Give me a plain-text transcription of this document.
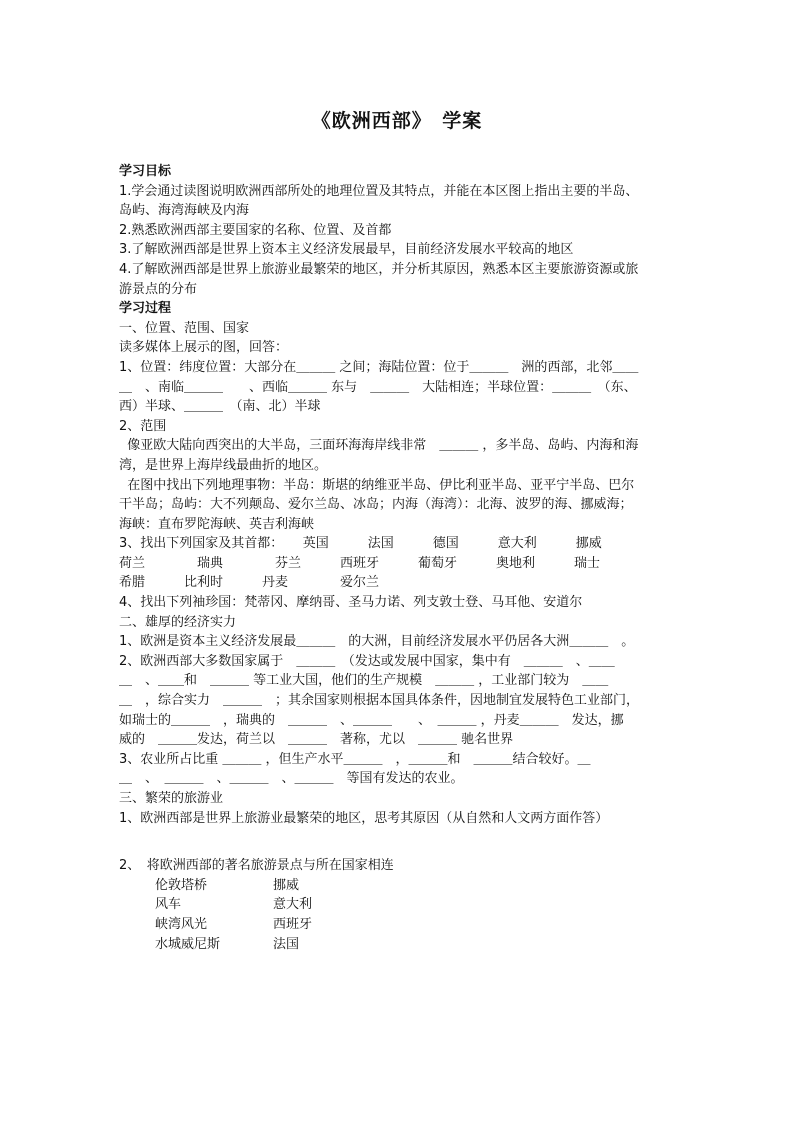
《欧洲西部》　学案

学习目标

1.学会通过读图说明欧洲西部所处的地理位置及其特点，并能在本区图上指出主要的半岛、

岛屿、海湾海峡及内海

2.熟悉欧洲西部主要国家的名称、位置、及首都

3.了解欧洲西部是世界上资本主义经济发展最早，目前经济发展水平较高的地区

4.了解欧洲西部是世界上旅游业最繁荣的地区，并分析其原因，熟悉本区主要旅游资源或旅

游景点的分布

学习过程

一、位置、范围、国家

读多媒体上展示的图，回答：

1、位置：纬度位置：大部分在＿＿＿ 之间；海陆位置：位于＿＿＿　洲的西部，北邻＿＿

＿　、南临＿＿＿　　、西临＿＿＿ 东与　＿＿＿　大陆相连；半球位置：＿＿＿　（东、

西）半球、＿＿＿　（南、北）半球

2、范围

像亚欧大陆向西突出的大半岛，三面环海海岸线非常　＿＿＿ ，多半岛、岛屿、内海和海

湾，是世界上海岸线最曲折的地区。

在图中找出下列地理事物：半岛：斯堪的纳维亚半岛、伊比利亚半岛、亚平宁半岛、巴尔

干半岛；岛屿：大不列颠岛、爱尔兰岛、冰岛；内海（海湾）：北海、波罗的海、挪威海；

海峡：直布罗陀海峡、英吉利海峡

3、找出下列国家及其首都：　　英国　　　法国　　　德国　　　意大利　　　挪威

荷兰　　　　瑞典　　　　芬兰　　　西班牙　　　葡萄牙　　　奥地利　　　瑞士

希腊　　　比利时　　　丹麦　　　　爱尔兰

4、找出下列袖珍国：梵蒂冈、摩纳哥、圣马力诺、列支敦士登、马耳他、安道尔

二、雄厚的经济实力

1、欧洲是资本主义经济发展最＿＿＿　的大洲，目前经济发展水平仍居各大洲＿＿＿　。

2、欧洲西部大多数国家属于　＿＿＿　（发达或发展中国家，集中有　＿＿＿　、＿＿

＿　、＿＿和　＿＿＿ 等工业大国，他们的生产规模　＿＿＿ ，工业部门较为　＿＿

＿　，综合实力　＿＿＿　；其余国家则根据本国具体条件，因地制宜发展特色工业部门，

如瑞士的＿＿＿　，瑞典的　＿＿＿　、＿＿＿　　、　＿＿＿ ，丹麦＿＿＿　发达，挪

威的　＿＿＿发达，荷兰以　＿＿＿　著称，尤以　＿＿＿ 驰名世界

3、农业所占比重 ＿＿＿ ，但生产水平＿＿＿　，＿＿＿和　＿＿＿结合较好。＿

＿　、　＿＿＿　、＿＿＿　、＿＿＿　等国有发达的农业。

三、繁荣的旅游业

1、欧洲西部是世界上旅游业最繁荣的地区，思考其原因（从自然和人文两方面作答）

2、　将欧洲西部的著名旅游景点与所在国家相连

伦敦塔桥	挪威
风车	意大利
峡湾风光	西班牙
水城威尼斯	法国
